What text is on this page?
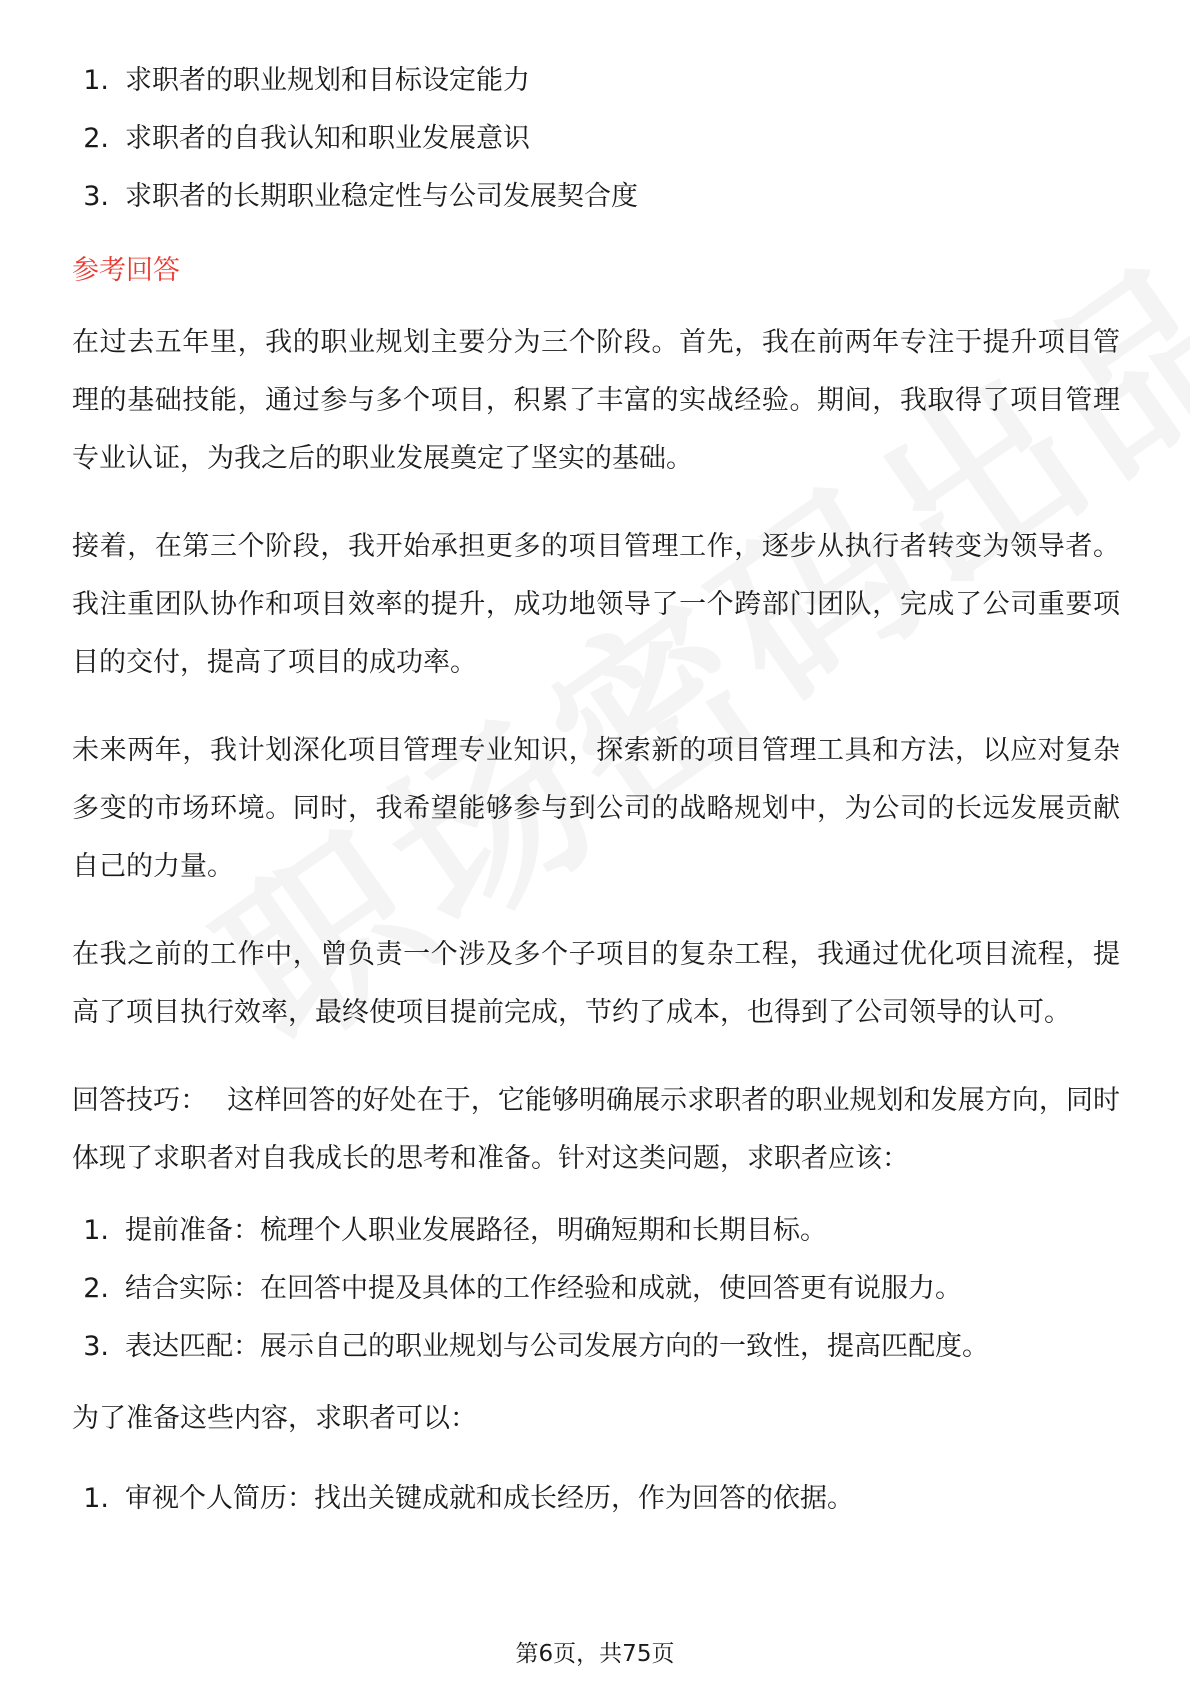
1. 求职者的职业规划和目标设定能力
2. 求职者的自我认知和职业发展意识
3. 求职者的长期职业稳定性与公司发展契合度
参考回答

在过去五年里，我的职业规划主要分为三个阶段。首先，我在前两年专注于提升项目管理的基础技能，通过参与多个项目，积累了丰富的实战经验。期间，我取得了项目管理专业认证，为我之后的职业发展奠定了坚实的基础。

接着，在第三个阶段，我开始承担更多的项目管理工作，逐步从执行者转变为领导者。我注重团队协作和项目效率的提升，成功地领导了一个跨部门团队，完成了公司重要项目的交付，提高了项目的成功率。

未来两年，我计划深化项目管理专业知识，探索新的项目管理工具和方法，以应对复杂多变的市场环境。同时，我希望能够参与到公司的战略规划中，为公司的长远发展贡献自己的力量。

在我之前的工作中，曾负责一个涉及多个子项目的复杂工程，我通过优化项目流程，提高了项目执行效率，最终使项目提前完成，节约了成本，也得到了公司领导的认可。

回答技巧： 这样回答的好处在于，它能够明确展示求职者的职业规划和发展方向，同时体现了求职者对自我成长的思考和准备。针对这类问题，求职者应该：

1. 提前准备：梳理个人职业发展路径，明确短期和长期目标。
2. 结合实际：在回答中提及具体的工作经验和成就，使回答更有说服力。
3. 表达匹配：展示自己的职业规划与公司发展方向的一致性，提高匹配度。

为了准备这些内容，求职者可以：

1. 审视个人简历：找出关键成就和成长经历，作为回答的依据。
第6页，共75页
